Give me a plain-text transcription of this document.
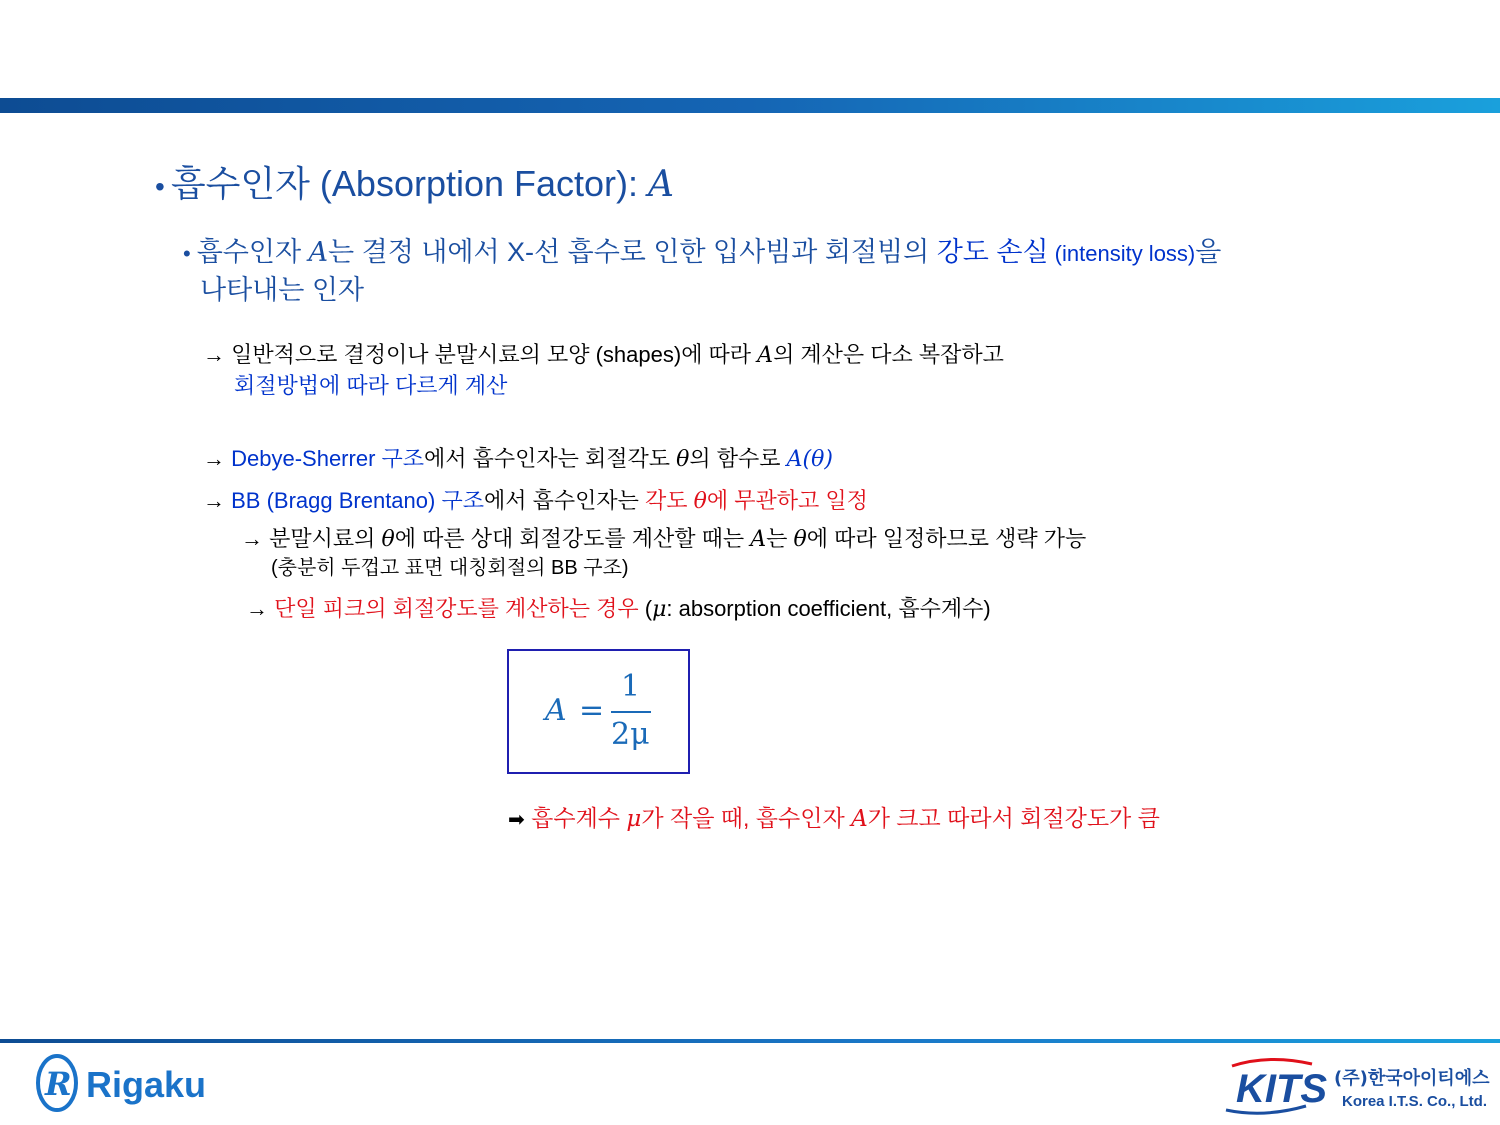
• 흡수인자 (Absorption Factor): A
• 흡수인자 A는 결정 내에서 X-선 흡수로 인한 입사빔과 회절빔의 강도 손실 (intensity loss)을
나타내는 인자
→ 일반적으로 결정이나 분말시료의 모양 (shapes)에 따라 A의 계산은 다소 복잡하고
회절방법에 따라 다르게 계산
→ Debye-Sherrer 구조에서 흡수인자는 회절각도 θ의 함수로 A(θ)
→ BB (Bragg Brentano) 구조에서 흡수인자는 각도 θ에 무관하고 일정
→ 분말시료의 θ에 따른 상대 회절강도를 계산할 때는 A는 θ에 따라 일정하므로 생략 가능
(충분히 두껍고 표면 대칭회절의 BB 구조)
→ 단일 피크의 회절강도를 계산하는 경우 (μ: absorption coefficient, 흡수계수)
A =
1
2μ
➡ 흡수계수 μ가 작을 때, 흡수인자 A가 크고 따라서 회절강도가 큼
R Rigaku	KITS (주)한국아이티에스
Korea I.T.S. Co., Ltd.
